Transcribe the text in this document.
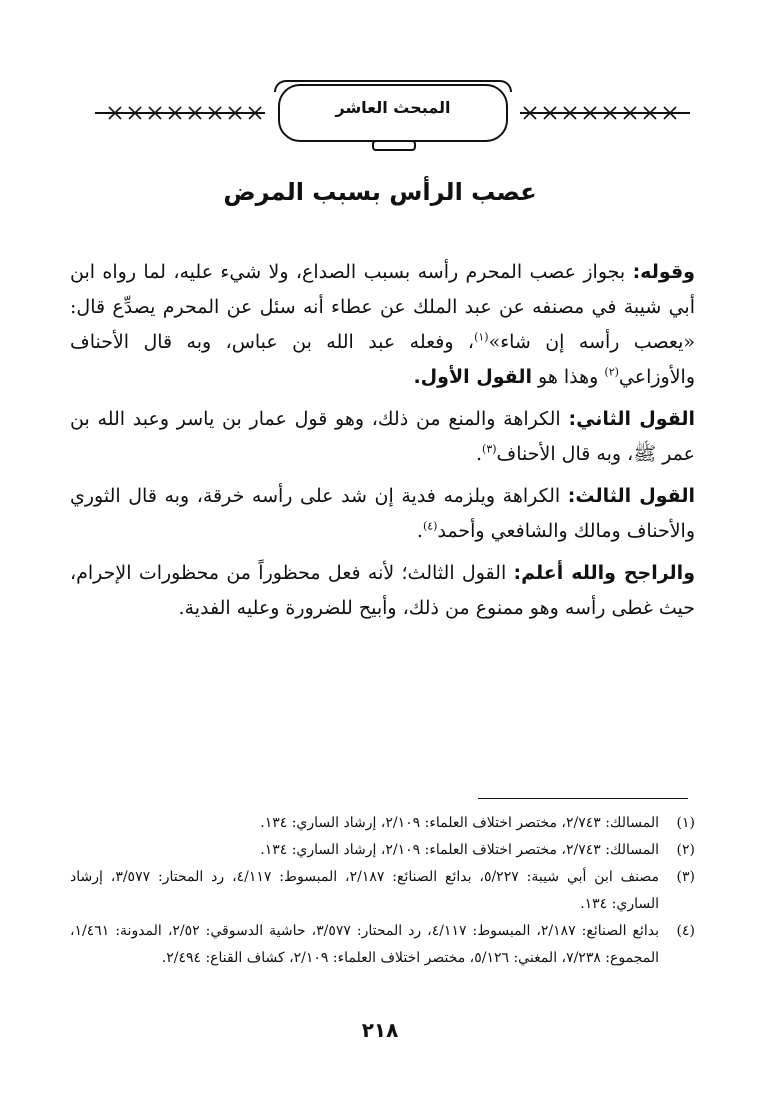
المبحث العاشر
عصب الرأس بسبب المرض

وقوله: بجواز عصب المحرم رأسه بسبب الصداع، ولا شيء عليه، لما رواه ابن أبي شيبة في مصنفه عن عبد الملك عن عطاء أنه سئل عن المحرم يصدِّع قال: «يعصب رأسه إن شاء»$^{(١)}$، وفعله عبد الله بن عباس، وبه قال الأحناف والأوزاعي$^{(٢)}$ وهذا هو القول الأول.

القول الثاني: الكراهة والمنع من ذلك، وهو قول عمار بن ياسر وعبد الله بن عمر ﷺ، وبه قال الأحناف$^{(٣)}$.

القول الثالث: الكراهة ويلزمه فدية إن شد على رأسه خرقة، وبه قال الثوري والأحناف ومالك والشافعي وأحمد$^{(٤)}$.

والراجح والله أعلم: القول الثالث؛ لأنه فعل محظوراً من محظورات الإحرام، حيث غطى رأسه وهو ممنوع من ذلك، وأبيح للضرورة وعليه الفدية.

(١)
المسالك: ٢/٧٤٣، مختصر اختلاف العلماء: ٢/١٠٩، إرشاد الساري: ١٣٤.
(٢)
المسالك: ٢/٧٤٣، مختصر اختلاف العلماء: ٢/١٠٩، إرشاد الساري: ١٣٤.
(٣)
مصنف ابن أبي شيبة: ٥/٢٢٧، بدائع الصنائع: ٢/١٨٧، المبسوط: ٤/١١٧، رد المحتار: ٣/٥٧٧، إرشاد الساري: ١٣٤.
(٤)
بدائع الصنائع: ٢/١٨٧، المبسوط: ٤/١١٧، رد المحتار: ٣/٥٧٧، حاشية الدسوقي: ٢/٥٢، المدونة: ١/٤٦١، المجموع: ٧/٢٣٨، المغني: ٥/١٢٦، مختصر اختلاف العلماء: ٢/١٠٩، كشاف القناع: ٢/٤٩٤.
٢١٨
